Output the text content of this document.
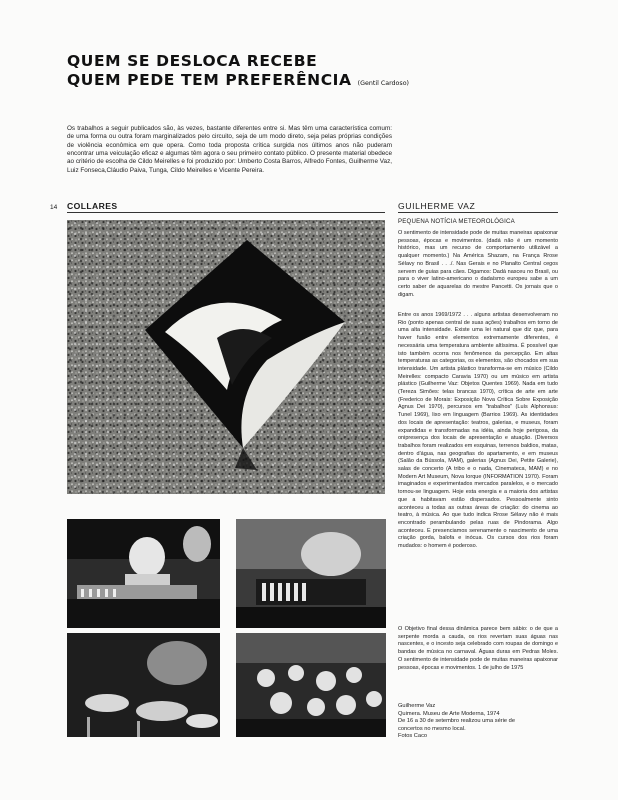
QUEM SE DESLOCA RECEBE
QUEM PEDE TEM PREFERÊNCIA (Gentil Cardoso)
Os trabalhos a seguir publicados são, às vezes, bastante diferentes entre si. Mas têm uma característica comum: de uma forma ou outra foram marginalizados pelo circuito, seja de um modo direto, seja pelas próprias condições de violência econômica em que opera. Como toda proposta crítica surgida nos últimos anos não puderam encontrar uma veiculação eficaz e algumas têm agora o seu primeiro contato público. O presente material obedece ao critério de escolha de Cildo Meirelles e foi produzido por: Umberto Costa Barros, Alfredo Fontes, Guilherme Vaz, Luiz Fonseca,Cláudio Paiva, Tunga, Cildo Meirelles e Vicente Pereira.
14 COLLARES	GUILHERME VAZ
PEQUENA NOTÍCIA METEOROLÓGICA
O sentimento de intensidade pode de muitas maneiras apaixonar pessoas, épocas e movimentos. (dadá não é um momento histórico, mas um recurso de comportamento utilizável a qualquer momento.) Na América Shazam, na França Rrose Sélavy no Brasil . . ./. Nas Gerais e no Planalto Central cegos servem de guias para cães. Digamos: Dadá nasceu no Brasil, ou para o viver latino-americano o dadaísmo europeu sabe a um certo saber de aquarelas do mestre Pancetti. Os jornais que o digam.
Entre os anos 1969/1972 . . . alguns artistas desenvolveram no Rio (ponto apenas central de suas ações) trabalhos em torno de uma alta intensidade. Existe uma lei natural que diz que, para haver fusão entre elementos extremamente diferentes, é necessária uma temperatura ambiente altíssima. É possível que isto também ocorra nos fenômenos da percepção. Em altas temperaturas as categorias, os elementos, são chocados em sua intensidade. Um artista plástico transforma-se em músico (Cildo Meirelles: compacto Caravia 1970) ou um músico em artista plástico (Guilherme Vaz: Objetos Quentes 1969). Nada em tudo (Tereza Simões: telas brancas 1970), crítica de arte em arte (Frederico de Morais: Exposição Nova Crítica Sobre Exposição Agnus Dei 1970), percursos em "trabalhos" (Luís Alphonsus: Tunel 1969), lixo em linguagem (Barrios 1969). As identidades dos locais de apresentação: teatros, galerias, e museus, foram expandidas e transformadas na idéia, ainda hoje perigosa, da onipresença dos locais de apresentação e atuação. (Diversos trabalhos foram realizados em esquinas, terrenos baldios, matas, dentro d'água, nas geografias do apartamento, e em museus (Salão da Bússola, MAM), galerias (Agnus Dei, Petite Galerie), salas de concerto (A tribo e o nada, Cinemateca, MAM) e no Modern Art Museum, Nova Iorque (INFORMATION 1970). Foram imaginados e experimentados mercados paralelos, e o mercado tornou-se linguagem. Hoje esta energia e a maioria dos artistas que a habitavam estão dispersados. Pessoalmente sinto aconteceu a todas as outras áreas de criação: do cinema ao teatro, à música. Ao que tudo indica Rrose Sélavy não é mais encontrado perambulando pelas ruas de Pindorama. Algo aconteceu. E presenciamos serenamente o nascimento de uma criação gorda, balofa e inócua. Os cursos dos rios foram mudados: o homem é poderoso.
O Objetivo final dessa dinâmica parece bem sábio: o de que a serpente morda a cauda, os rios revertam suas águas nas nascentes, e o incesto seja celebrado com roupas de domingo e bandas de música no carnaval. Águas duras em Pedras Moles. O sentimento de intensidade pode de muitas maneiras apaixonar pessoas, épocas e movimentos. 1 de julho de 1975
Guilherme Vaz
Quimera. Museu de Arte Moderna, 1974
De 16 a 30 de setembro realizou uma série de
concertos no mesmo local.
Fotos Caco
